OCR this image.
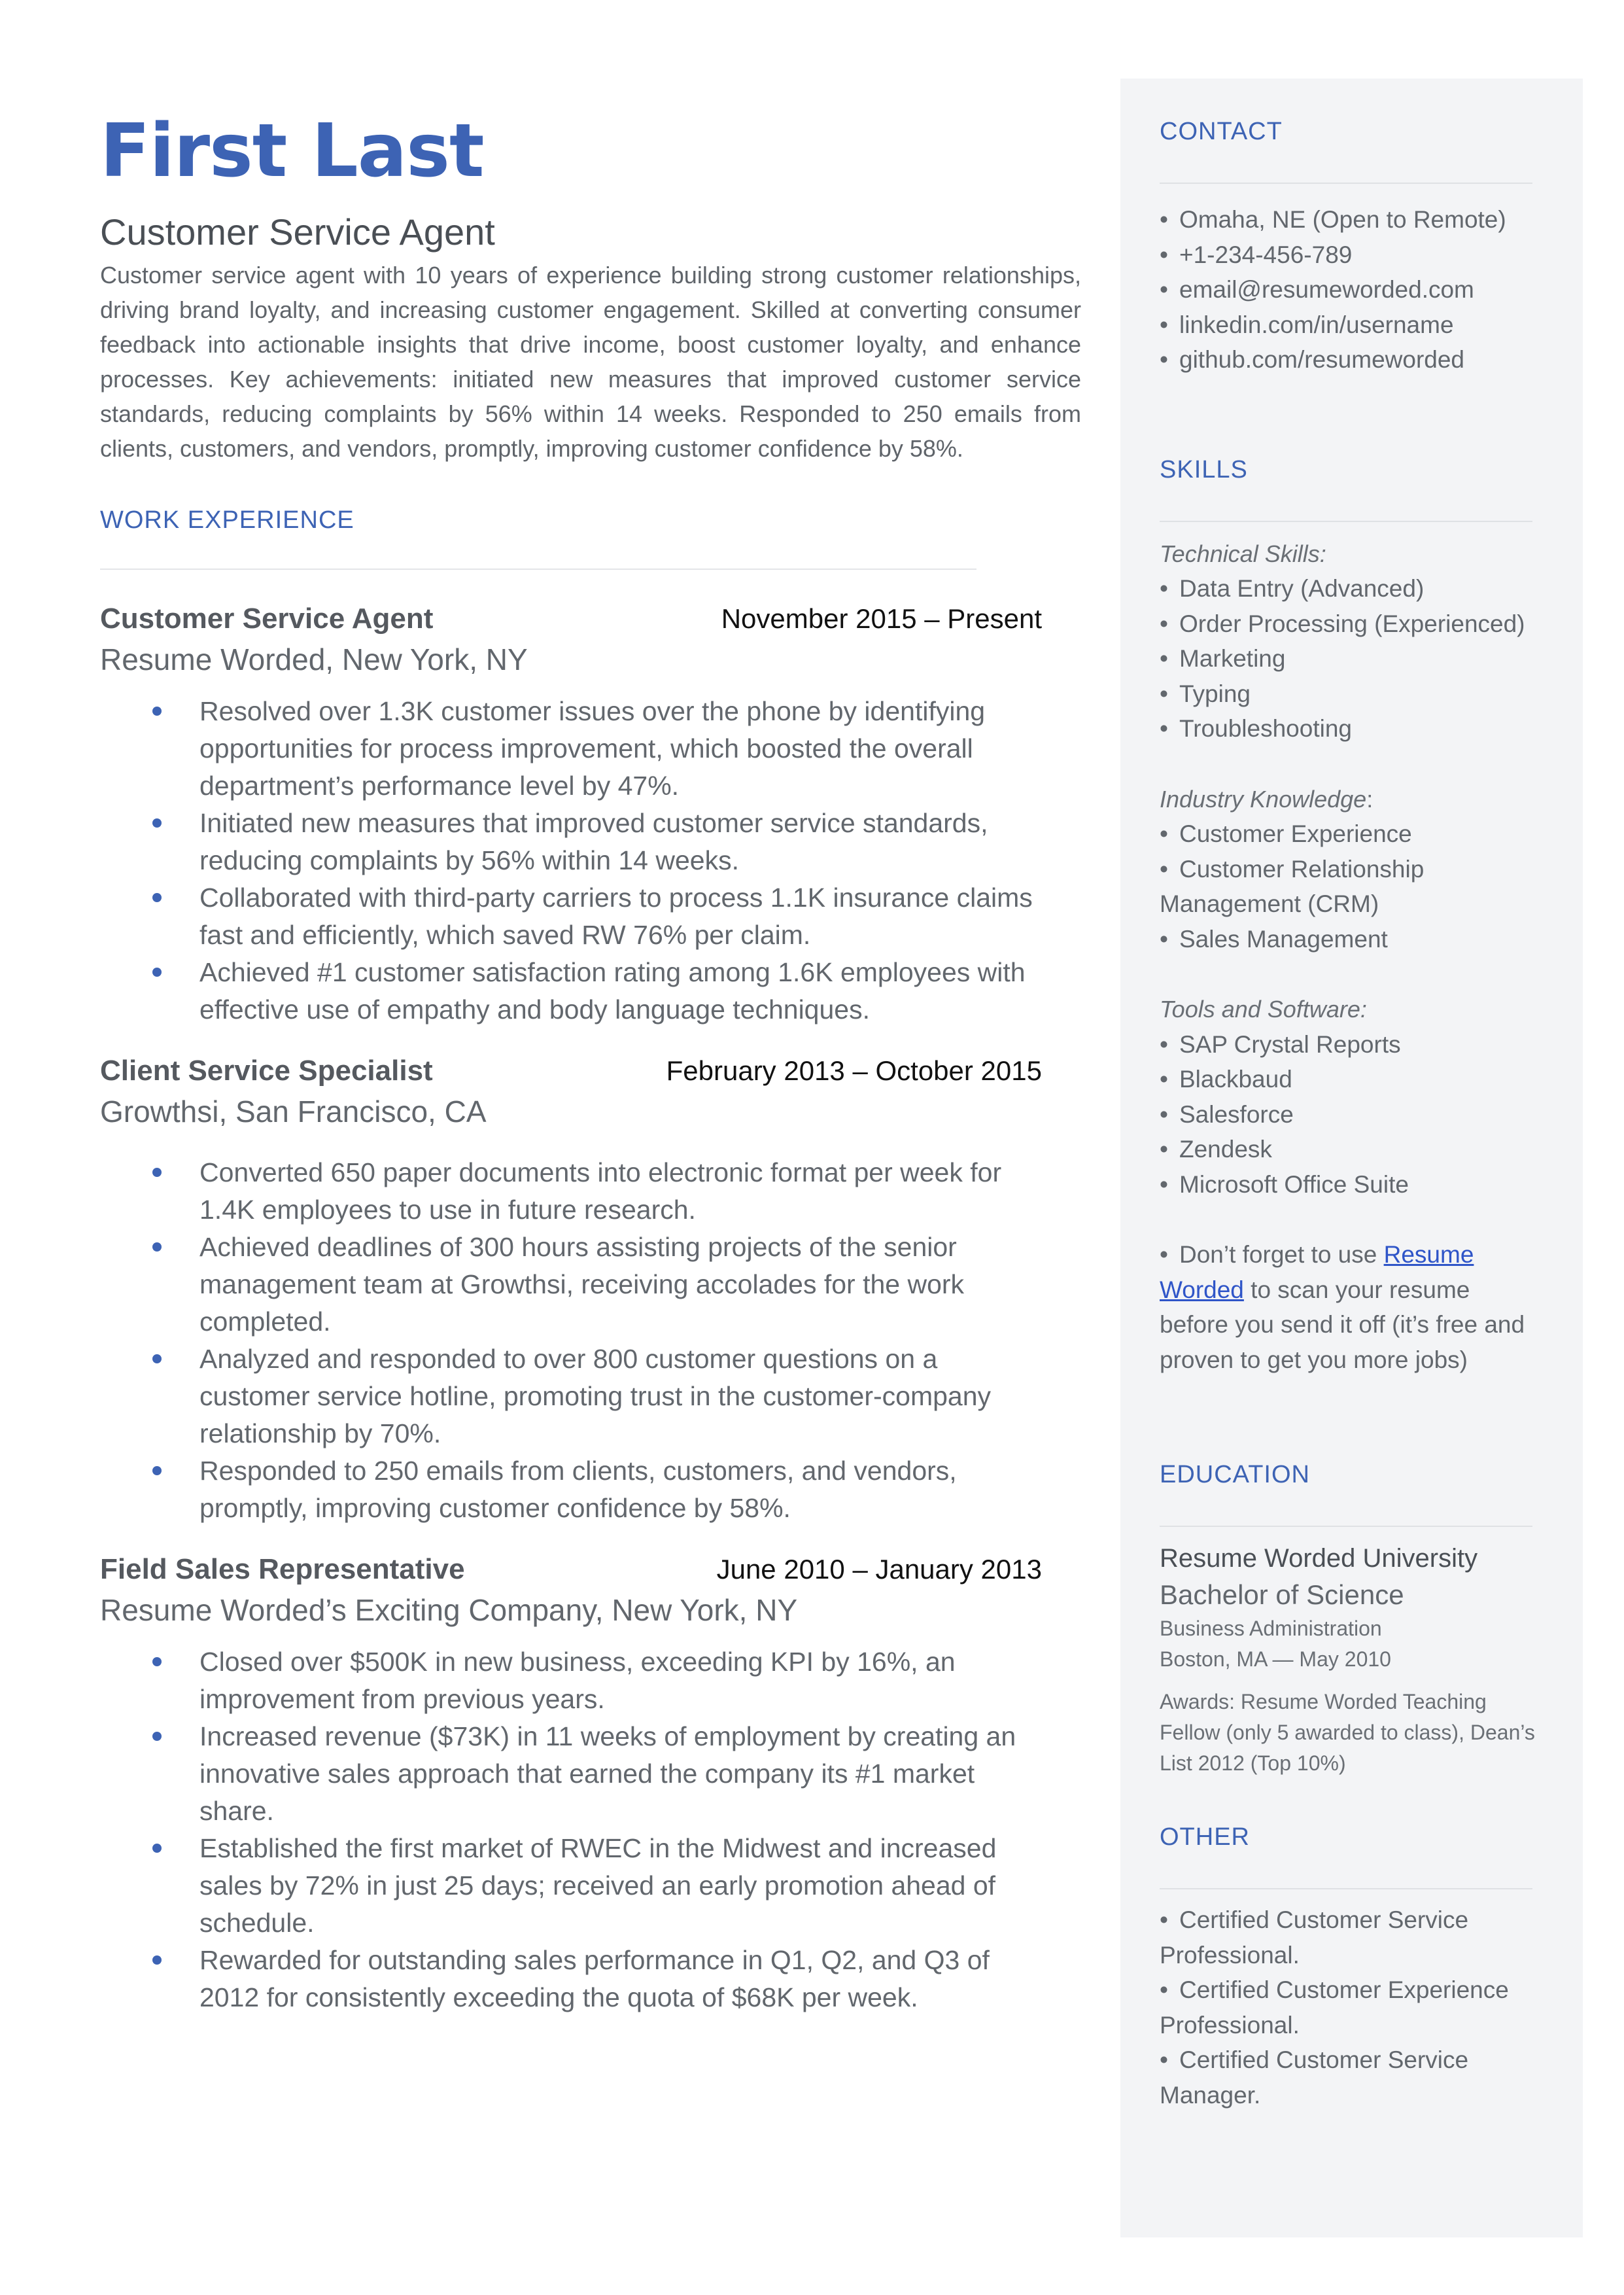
First Last
Customer Service Agent
Customer service agent with 10 years of experience building strong customer relationships, driving brand loyalty, and increasing customer engagement. Skilled at converting consumer feedback into actionable insights that drive income, boost customer loyalty, and enhance processes. Key achievements: initiated new measures that improved customer service standards, reducing complaints by 56% within 14 weeks. Responded to 250 emails from clients, customers, and vendors, promptly, improving customer confidence by 58%.
WORK EXPERIENCE
Customer Service Agent	November 2015 – Present
Resume Worded, New York, NY
Resolved over 1.3K customer issues over the phone by identifying opportunities for process improvement, which boosted the overall department’s performance level by 47%.
Initiated new measures that improved customer service standards, reducing complaints by 56% within 14 weeks.
Collaborated with third-party carriers to process 1.1K insurance claims fast and efficiently, which saved RW 76% per claim.
Achieved #1 customer satisfaction rating among 1.6K employees with effective use of empathy and body language techniques.
Client Service Specialist	February 2013 – October 2015
Growthsi, San Francisco, CA
Converted 650 paper documents into electronic format per week for 1.4K employees to use in future research.
Achieved deadlines of 300 hours assisting projects of the senior management team at Growthsi, receiving accolades for the work completed.
Analyzed and responded to over 800 customer questions on a customer service hotline, promoting trust in the customer-company relationship by 70%.
Responded to 250 emails from clients, customers, and vendors, promptly, improving customer confidence by 58%.
Field Sales Representative	June 2010 – January 2013
Resume Worded’s Exciting Company, New York, NY
Closed over $500K in new business, exceeding KPI by 16%, an improvement from previous years.
Increased revenue ($73K) in 11 weeks of employment by creating an innovative sales approach that earned the company its #1 market share.
Established the first market of RWEC in the Midwest and increased sales by 72% in just 25 days; received an early promotion ahead of schedule.
Rewarded for outstanding sales performance in Q1, Q2, and Q3 of 2012 for consistently exceeding the quota of $68K per week.
CONTACT
• Omaha, NE (Open to Remote)
• +1-234-456-789
• email@resumeworded.com
• linkedin.com/in/username
• github.com/resumeworded
SKILLS
Technical Skills:
• Data Entry (Advanced)
• Order Processing (Experienced)
• Marketing
• Typing
• Troubleshooting
Industry Knowledge:
• Customer Experience
• Customer Relationship Management (CRM)
• Sales Management
Tools and Software:
• SAP Crystal Reports
• Blackbaud
• Salesforce
• Zendesk
• Microsoft Office Suite
• Don’t forget to use Resume Worded to scan your resume before you send it off (it’s free and proven to get you more jobs)
EDUCATION
Resume Worded University
Bachelor of Science
Business Administration
Boston, MA — May 2010
Awards: Resume Worded Teaching Fellow (only 5 awarded to class), Dean’s List 2012 (Top 10%)
OTHER
• Certified Customer Service Professional.
• Certified Customer Experience Professional.
• Certified Customer Service Manager.
